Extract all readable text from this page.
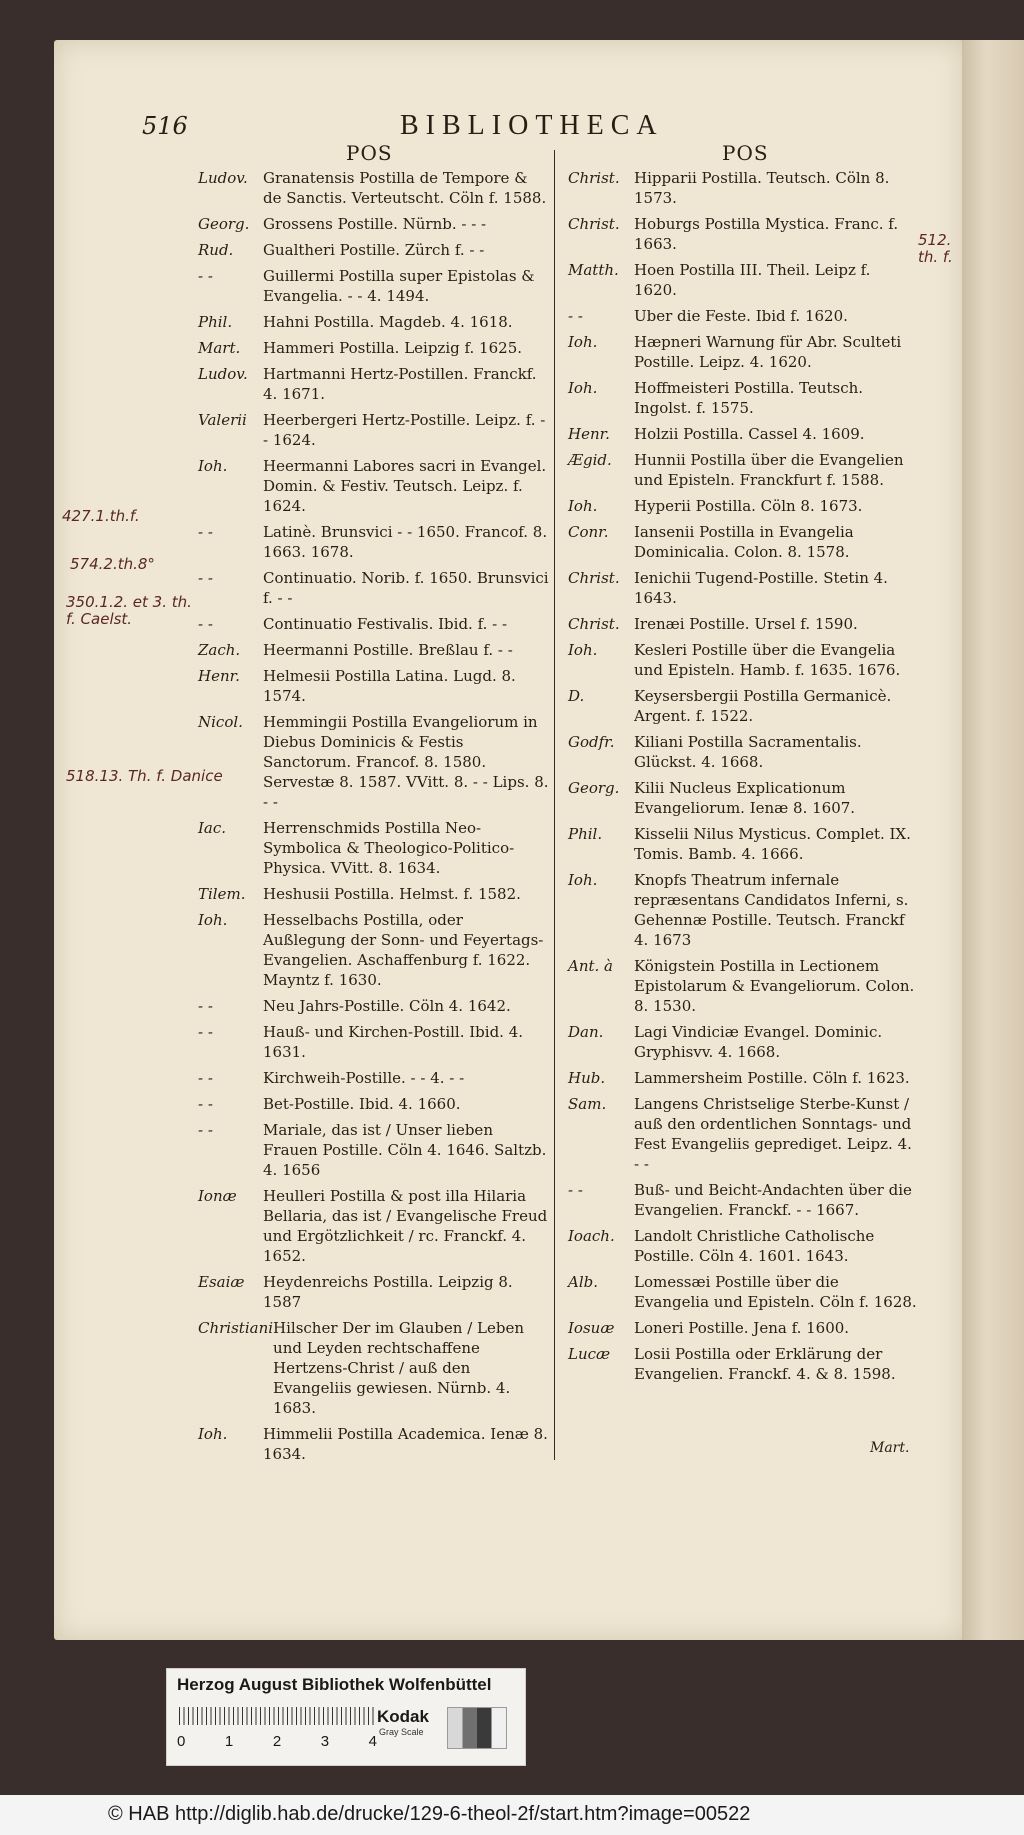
516	BIBLIOTHECA
POS	POS
Ludov.	Granatensis Postilla de Tempore & de Sanctis. Verteutscht. Cöln f. 1588.
Georg. Grossens Postille. Nürnb. - - -
Rud.	Gualtheri Postille. Zürch f. - -
- -	Guillermi Postilla super Epistolas & Evangelia. - - 4. 1494.
Phil.	Hahni Postilla. Magdeb. 4. 1618.
Mart.	Hammeri Postilla. Leipzig f. 1625.
Ludov.	Hartmanni Hertz-Postillen. Franckf. 4. 1671.
Valerii	Heerbergeri Hertz-Postille. Leipz. f. - - 1624.
Ioh.	Heermanni Labores sacri in Evangel. Domin. & Festiv. Teutsch. Leipz. f. 1624.
- -	Latinè. Brunsvici - - 1650. Francof. 8. 1663. 1678.
- -	Continuatio. Norib. f. 1650. Brunsvici f. - -
- -	Continuatio Festivalis. Ibid. f. - -
Zach.	Heermanni Postille. Breßlau f. - -
Henr.	Helmesii Postilla Latina. Lugd. 8. 1574.
Nicol.	Hemmingii Postilla Evangeliorum in Diebus Dominicis & Festis Sanctorum. Francof. 8. 1580. Servestæ 8. 1587. VVitt. 8. - - Lips. 8. - -
Iac.	Herrenschmids Postilla Neo-Symbolica & Theologico-Politico-Physica. VVitt. 8. 1634.
Tilem.	Heshusii Postilla. Helmst. f. 1582.
Ioh.	Hesselbachs Postilla, oder Außlegung der Sonn- und Feyertags-Evangelien. Aschaffenburg f. 1622. Mayntz f. 1630.
- -	Neu Jahrs-Postille. Cöln 4. 1642.
- -	Hauß- und Kirchen-Postill. Ibid. 4. 1631.
- -	Kirchweih-Postille. - - 4. - -
- -	Bet-Postille. Ibid. 4. 1660.
- -	Mariale, das ist / Unser lieben Frauen Postille. Cöln 4. 1646. Saltzb. 4. 1656
Ionæ	Heulleri Postilla & post illa Hilaria Bellaria, das ist / Evangelische Freud und Ergötzlichkeit / rc. Franckf. 4. 1652.
Esaiæ	Heydenreichs Postilla. Leipzig 8. 1587
Christiani Hilscher Der im Glauben / Leben und Leyden rechtschaffene Hertzens-Christ / auß den Evangeliis gewiesen. Nürnb. 4. 1683.
Ioh.	Himmelii Postilla Academica. Ienæ 8. 1634.
Christ. Hipparii Postilla. Teutsch. Cöln 8. 1573.
Christ. Hoburgs Postilla Mystica. Franc. f. 1663.
Matth.	Hoen Postilla III. Theil. Leipz f. 1620.
- -	Uber die Feste. Ibid f. 1620.
Ioh.	Hæpneri Warnung für Abr. Sculteti Postille. Leipz. 4. 1620.
Ioh.	Hoffmeisteri Postilla. Teutsch. Ingolst. f. 1575.
Henr.	Holzii Postilla. Cassel 4. 1609.
Ægid.	Hunnii Postilla über die Evangelien und Episteln. Franckfurt f. 1588.
Ioh.	Hyperii Postilla. Cöln 8. 1673.
Conr.	Iansenii Postilla in Evangelia Dominicalia. Colon. 8. 1578.
Christ. Ienichii Tugend-Postille. Stetin 4. 1643.
Christ. Irenæi Postille. Ursel f. 1590.
Ioh.	Kesleri Postille über die Evangelia und Episteln. Hamb. f. 1635. 1676.
D.	Keysersbergii Postilla Germanicè. Argent. f. 1522.
Godfr.	Kiliani Postilla Sacramentalis. Glückst. 4. 1668.
Georg. Kilii Nucleus Explicationum Evangeliorum. Ienæ 8. 1607.
Phil.	Kisselii Nilus Mysticus. Complet. IX. Tomis. Bamb. 4. 1666.
Ioh.	Knopfs Theatrum infernale repræsentans Candidatos Inferni, s. Gehennæ Postille. Teutsch. Franckf 4. 1673
Ant. à	Königstein Postilla in Lectionem Epistolarum & Evangeliorum. Colon. 8. 1530.
Dan.	Lagi Vindiciæ Evangel. Dominic. Gryphisvv. 4. 1668.
Hub.	Lammersheim Postille. Cöln f. 1623.
Sam.	Langens Christselige Sterbe-Kunst / auß den ordentlichen Sonntags- und Fest Evangeliis geprediget. Leipz. 4. - -
- -	Buß- und Beicht-Andachten über die Evangelien. Franckf. - - 1667.
Ioach.	Landolt Christliche Catholische Postille. Cöln 4. 1601. 1643.
Alb.	Lomessæi Postille über die Evangelia und Episteln. Cöln f. 1628.
Iosuæ	Loneri Postille. Jena f. 1600.
Lucæ	Losii Postilla oder Erklärung der Evangelien. Franckf. 4. & 8. 1598.
Mart.
427.1.th.f.
574.2.th.8°
350.1.2. et 3. th. f. Caelst.
518.13. Th. f. Danice
512. th. f.
Herzog August Bibliothek Wolfenbüttel
0	1	2	3	4
Kodak
Gray Scale
© HAB http://diglib.hab.de/drucke/129-6-theol-2f/start.htm?image=00522
